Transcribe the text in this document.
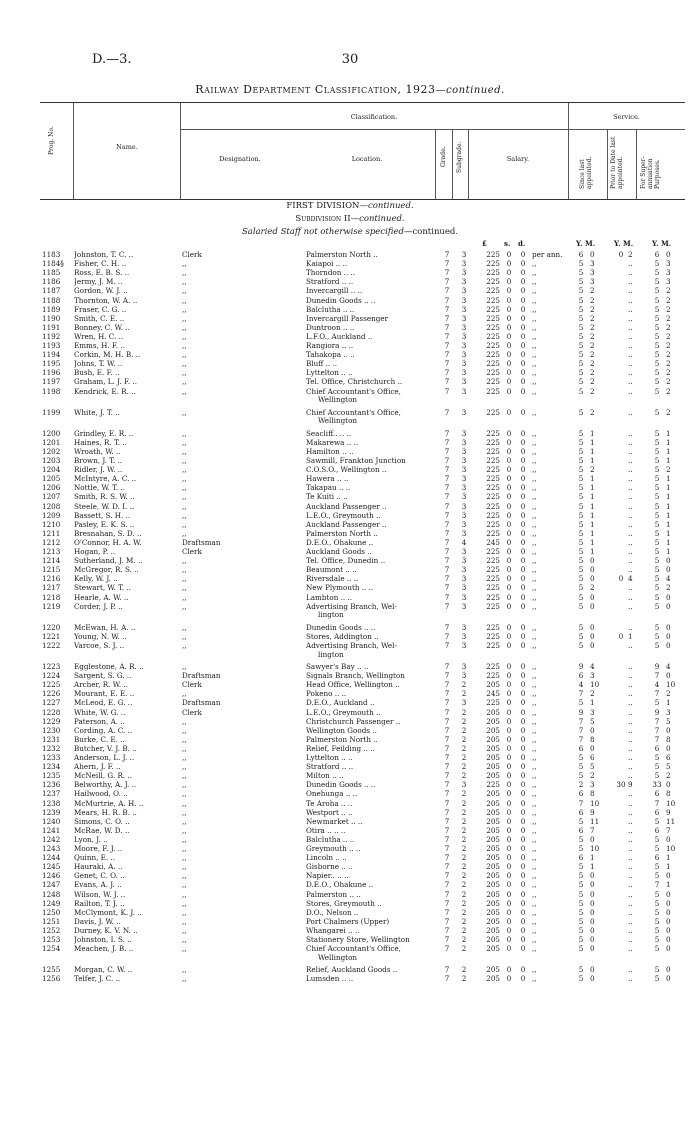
D.—3.	30
Railway Department Classification, 1923—continued.
Prog. No.	Name.
Classification.
Designation.	Location.	Grade. Subgrade.	Salary.
Service.
Since last appointed.	Prior to Date last appointed.	For Super-annuation Purposes.
FIRST DIVISION—continued.
Subdivision II—continued.
Salaried Staff not otherwise specified—continued.
£ s. d.	Y. M.	Y. M.	Y. M.
1183	Johnston, T. C. ..	Clerk	Palmerston North ..	7	3	225 0	0 per ann.	6 0	0 2	6 0
1184§	Fisher, C. H. ..	,,	Kaiapoi .. ..	7	3	225 0	0 ,,	5 3	..	5 3
1185	Ross, E. B. S. ..	,,	Thorndon .. ..	7	3	225 0	0 ,,	5 3	..	5 3
1186	Jermy, J. M. ..	,,	Stratford .. ..	7	3	225 0	0 ,,	5 3	..	5 3
1187	Gordon, W. J. ..	,,	Invercargill .. ..	7	3	225 0	0 ,,	5 2	..	5 2
1188	Thornton, W. A. ..	,,	Dunedin Goods .. ..	7	3	225 0	0 ,,	5 2	..	5 2
1189	Fraser, C. G. ..	,,	Balclutha .. ..	7	3	225 0	0 ,,	5 2	..	5 2
1190	Smith, C. E. ..	,,	Invercargill Passenger	7	3	225 0	0 ,,	5 2	..	5 2
1191	Bonney, C. W. ..	,,	Duntroon .. ..	7	3	225 0	0 ,,	5 2	..	5 2
1192	Wren, H. C. ..	,,	L.F.O., Auckland ..	7	3	225 0	0 ,,	5 2	..	5 2
1193	Emms, H. F. ..	,,	Rangiora .. ..	7	3	225 0	0 ,,	5 2	..	5 2
1194	Corkin, M. H. B. ..	,,	Tahakopa .. ..	7	3	225 0	0 ,,	5 2	..	5 2
1195	Johns, T. W. ..	,,	Bluff .. ..	7	3	225 0	0 ,,	5 2	..	5 2
1196	Bush, E. F. ..	,,	Lyttelton .. ..	7	3	225 0	0 ,,	5 2	..	5 2
1197	Graham, L. J. F. ..	,,	Tel. Office, Christchurch ..	7	3	225 0	0 ,,	5 2	..	5 2
1198	Kendrick, E. R. ..	,,	Chief Accountant's Office,	7	3	225 0	0 ,,	5 2	..	5 2
Wellington
1199	White, J. T. ..	,,	Chief Accountant's Office,	7	3	225 0	0 ,,	5 2	..	5 2
Wellington
1200	Grindley, E. R. ..	,,	Seacliff.. .. ..	7	3	225 0	0 ,,	5 1	..	5 1
1201	Haines, R. T. ..	,,	Makarewa .. ..	7	3	225 0	0 ,,	5 1	..	5 1
1202	Wroath, W. ..	,,	Hamilton .. ..	7	3	225 0	0 ,,	5 1	..	5 1
1203	Brown, J. T. ..	,,	Sawmill, Frankton Junction	7	3	225 0	0 ,,	5 1	..	5 1
1204	Ridler, J. W. ..	,,	C.O.S.O., Wellington ..	7	3	225 0	0 ,,	5 2	..	5 2
1205	McIntyre, A. C. ..	,,	Hawera .. ..	7	3	225 0	0 ,,	5 1	..	5 1
1206	Nottle, W. T. ..	,,	Takapau .. ..	7	3	225 0	0 ,,	5 1	..	5 1
1207	Smith, R. S. W. ..	,,	Te Kuiti .. ..	7	3	225 0	0 ,,	5 1	..	5 1
1208	Steele, W. D. I. ..	,,	Auckland Passenger ..	7	3	225 0	0 ,,	5 1	..	5 1
1209	Bassett, S. H. ..	,,	L.E.O., Greymouth ..	7	3	225 0	0 ,,	5 1	..	5 1
1210	Pasley, E. K. S. ..	,,	Auckland Passenger ..	7	3	225 0	0 ,,	5 1	..	5 1
1211	Bresnahan, S. D. ..	,,	Palmerston North ..	7	3	225 0	0 ,,	5 1	..	5 1
1212	O'Connor, H. A. W.	Draftsman	D.E.O., Ohakune ..	7	4	245 0	0 ,,	5 1	..	5 1
1213	Hogan, P. ..	Clerk	Auckland Goods ..	7	3	225 0	0 ,,	5 1	..	5 1
1214	Sutherland, J. M. ..	,,	Tel. Office, Dunedin ..	7	3	225 0	0 ,,	5 0	..	5 0
1215	McGregor, R. S. ..	,,	Beaumont .. ..	7	3	225 0	0 ,,	5 0	..	5 0
1216	Kelly, W. J. ..	,,	Riversdale .. ..	7	3	225 0	0 ,,	5 0	0 4	5 4
1217	Stewart, W. T. ..	,,	New Plymouth .. ..	7	3	225 0	0 ,,	5 2	..	5 2
1218	Hearle, A. W. ..	,,	Lambton .. ..	7	3	225 0	0 ,,	5 0	..	5 0
1219	Corder, J. P. ..	,,	Advertising Branch, Wel-	7	3	225 0	0 ,,	5 0	..	5 0
lington
1220	McEwan, H. A. ..	,,	Dunedin Goods .. ..	7	3	225 0	0 ,,	5 0	..	5 0
1221	Young, N. W. ..	,,	Stores, Addington ..	7	3	225 0	0 ,,	5 0	0 1	5 0
1222	Varcoe, S. J. ..	,,	Advertising Branch, Wel-	7	3	225 0	0 ,,	5 0	..	5 0
lington
1223	Egglestone, A. R. ..	,,	Sawyer's Bay .. ..	7	3	225 0	0 ,,	9 4	..	9 4
1224	Sargent, S. G. ..	Draftsman	Signals Branch, Wellington	7	3	225 0	0 ,,	6 3	..	7 0
1225	Archer, R. W. ..	Clerk	Head Office, Wellington ..	7	2	205 0	0 ,,	4 10	..	4 10
1226	Mourant, E. E. ..	,,	Pokeno .. ..	7	2	245 0	0 ,,	7 2	..	7 2
1227	McLeod, E. G. ..	Draftsman	D.E.O., Auckland ..	7	3	225 0	0 ,,	5 1	..	5 1
1228	White, W. G. ..	Clerk	L.E.O., Greymouth ..	7	2	205 0	0 ,,	9 3	..	9 3
1229	Paterson, A. ..	,,	Christchurch Passenger ..	7	2	205 0	0 ,,	7 5	..	7 5
1230	Cording, A. C. ..	,,	Wellington Goods ..	7	2	205 0	0 ,,	7 0	..	7 0
1231	Burke, C. E. ..	,,	Palmerston North ..	7	2	205 0	0 ,,	7 8	..	7 8
1232	Butcher, V. J. B. ..	,,	Relief, Feilding .. ..	7	2	205 0	0 ,,	6 0	..	6 0
1233	Anderson, L. J. ..	,,	Lyttelton .. ..	7	2	205 0	0 ,,	5 6	..	5 6
1234	Ahern, J. F. ..	,,	Stratford .. ..	7	2	205 0	0 ,,	5 5	..	5 5
1235	McNeill, G. R. ..	,,	Milton .. ..	7	2	205 0	0 ,,	5 2	..	5 2
1236	Belworthy, A. J. ..	,,	Dunedin Goods .. ..	7	3	225 0	0 ,,	2 3	30 9	33 0
1237	Hailwood, O. ..	,,	Onehunga .. ..	7	2	205 0	0 ,,	6 8	..	6 8
1238	McMurtrie, A. H. ..	,,	Te Aroha .. ..	7	2	205 0	0 ,,	7 10	..	7 10
1239	Mears, H. R. B. ..	,,	Westport .. ..	7	2	205 0	0 ,,	6 9	..	6 9
1240	Simons, C. O. ..	,,	Newmarket .. ..	7	2	205 0	0 ,,	5 11	..	5 11
1241	McRae, W. D. ..	,,	Otira .. .. ..	7	2	205 0	0 ,,	6 7	..	6 7
1242	Lyon, J. ..	,,	Balclutha .. ..	7	2	205 0	0 ,,	5 0	..	5 0
1243	Moore, F. J. ..	,,	Greymouth .. ..	7	2	205 0	0 ,,	5 10	..	5 10
1244	Quinn, E. ..	,,	Lincoln .. ..	7	2	205 0	0 ,,	6 1	..	6 1
1245	Hauraki, A. ..	,,	Gisborne .. ..	7	2	205 0	0 ,,	5 1	..	5 1
1246	Genet, C. O. ..	,,	Napier.. .. ..	7	2	205 0	0 ,,	5 0	..	5 0
1247	Evans, A. J. ..	,,	D.E.O., Ohakune ..	7	2	205 0	0 ,,	5 0	..	7 1
1248	Wilson, W. J. ..	,,	Palmerston .. ..	7	2	205 0	0 ,,	5 0	..	5 0
1249	Railton, T. J. ..	,,	Stores, Greymouth ..	7	2	205 0	0 ,,	5 0	..	5 0
1250	McClymont, K. J. ..	,,	D.O., Nelson ..	7	2	205 0	0 ,,	5 0	..	5 0
1251	Davis, J. W. ..	,,	Port Chalmers (Upper)	7	2	205 0	0 ,,	5 0	..	5 0
1252	Durney, K. V. N. ..	,,	Whangarei .. ..	7	2	205 0	0 ,,	5 0	..	5 0
1253	Johnston, I. S. ..	,,	Stationery Store, Wellington	7	2	205 0	0 ,,	5 0	..	5 0
1254	Meachen, J. B. ..	,,	Chief Accountant's Office,	7	2	205 0	0 ,,	5 0	..	5 0
Wellington
1255	Morgan, C. W. ..	,,	Relief, Auckland Goods ..	7	2	205 0	0 ,,	5 0	..	5 0
1256	Telfer, J. C. ..	,,	Lumsden .. ..	7	2	205 0	0 ,,	5 0	..	5 0
